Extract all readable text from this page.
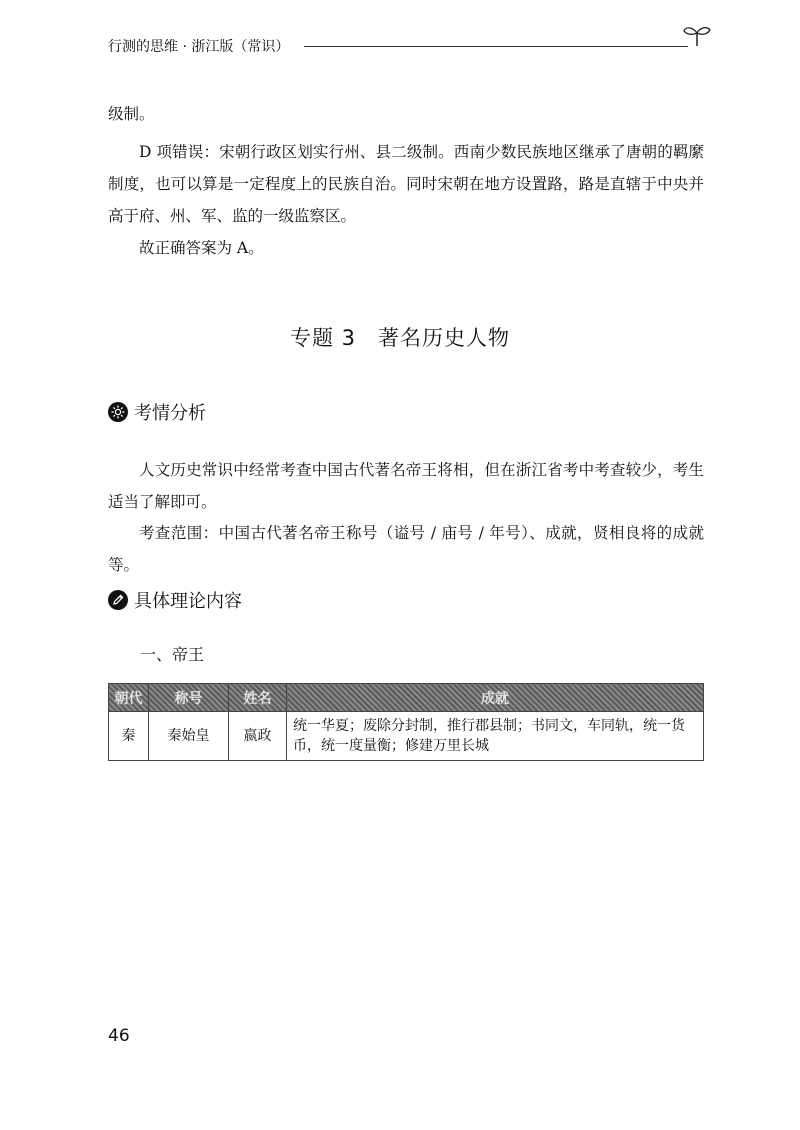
行测的思维 · 浙江版（常识）
级制。
D 项错误：宋朝行政区划实行州、县二级制。西南少数民族地区继承了唐朝的羁縻制度，也可以算是一定程度上的民族自治。同时宋朝在地方设置路，路是直辖于中央并高于府、州、军、监的一级监察区。
故正确答案为 A。
专题 3　著名历史人物
考情分析
人文历史常识中经常考查中国古代著名帝王将相，但在浙江省考中考查较少，考生适当了解即可。
考查范围：中国古代著名帝王称号（谥号 / 庙号 / 年号）、成就，贤相良将的成就等。
具体理论内容
一、帝王
朝代	称号	姓名	成就
秦	秦始皇	嬴政	统一华夏；废除分封制，推行郡县制；书同文，车同轨，统一货币，统一度量衡；修建万里长城
46
